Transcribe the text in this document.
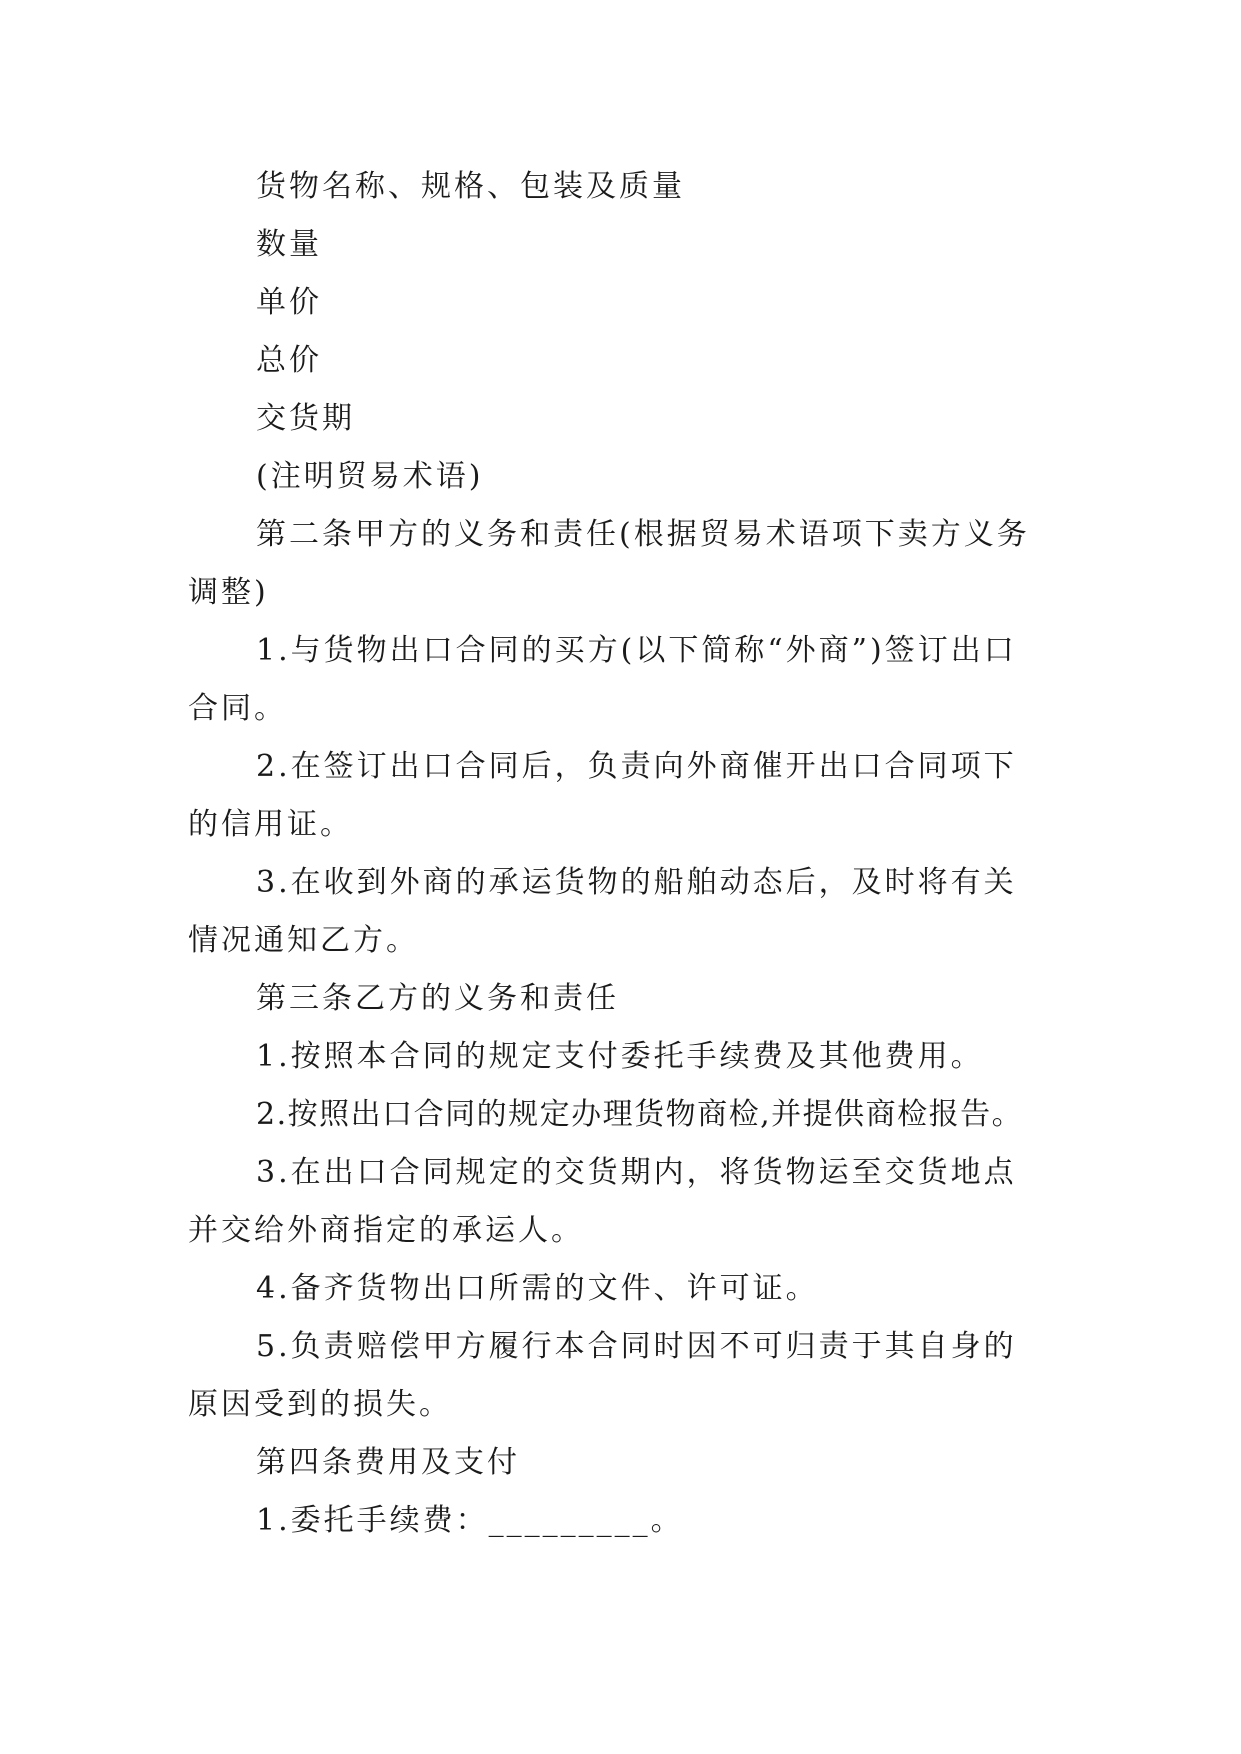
货物名称、规格、包装及质量

数量

单价

总价

交货期

(注明贸易术语)

第二条甲方的义务和责任(根据贸易术语项下卖方义务调整)

1.与货物出口合同的买方(以下简称“外商”)签订出口合同。

2.在签订出口合同后，负责向外商催开出口合同项下的信用证。

3.在收到外商的承运货物的船舶动态后，及时将有关情况通知乙方。

第三条乙方的义务和责任

1.按照本合同的规定支付委托手续费及其他费用。

2.按照出口合同的规定办理货物商检,并提供商检报告。

3.在出口合同规定的交货期内，将货物运至交货地点并交给外商指定的承运人。

4.备齐货物出口所需的文件、许可证。

5.负责赔偿甲方履行本合同时因不可归责于其自身的原因受到的损失。

第四条费用及支付

1.委托手续费：_________。
